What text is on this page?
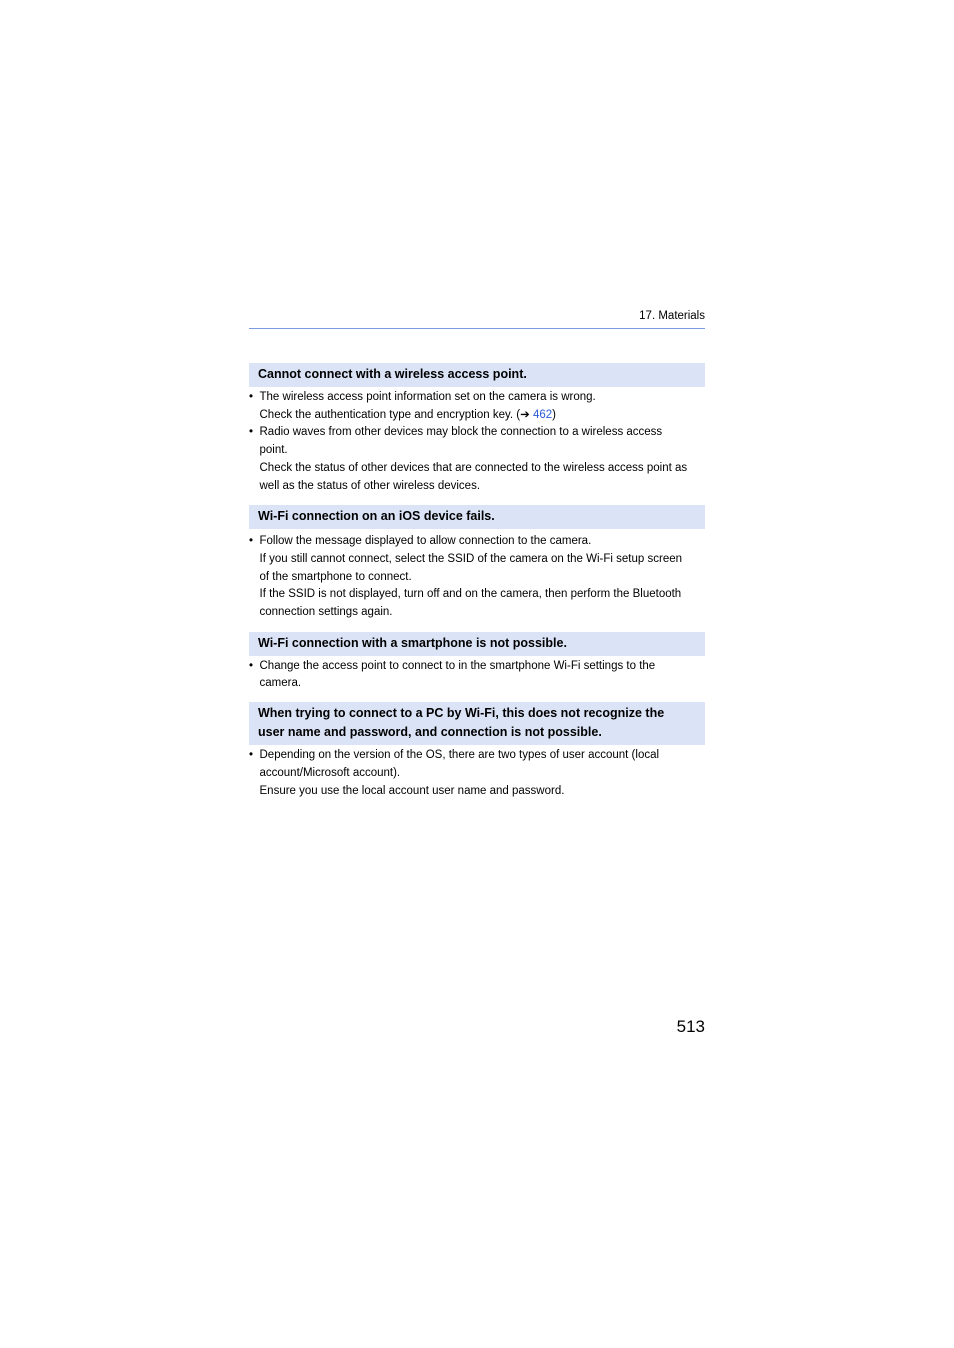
17. Materials
Cannot connect with a wireless access point.
• The wireless access point information set on the camera is wrong.
Check the authentication type and encryption key. (➔ 462)
• Radio waves from other devices may block the connection to a wireless access
point.
Check the status of other devices that are connected to the wireless access point as
well as the status of other wireless devices.
Wi-Fi connection on an iOS device fails.
• Follow the message displayed to allow connection to the camera.
If you still cannot connect, select the SSID of the camera on the Wi-Fi setup screen
of the smartphone to connect.
If the SSID is not displayed, turn off and on the camera, then perform the Bluetooth
connection settings again.
Wi-Fi connection with a smartphone is not possible.
• Change the access point to connect to in the smartphone Wi-Fi settings to the
camera.
When trying to connect to a PC by Wi-Fi, this does not recognize the
user name and password, and connection is not possible.
• Depending on the version of the OS, there are two types of user account (local
account/Microsoft account).
Ensure you use the local account user name and password.
513
